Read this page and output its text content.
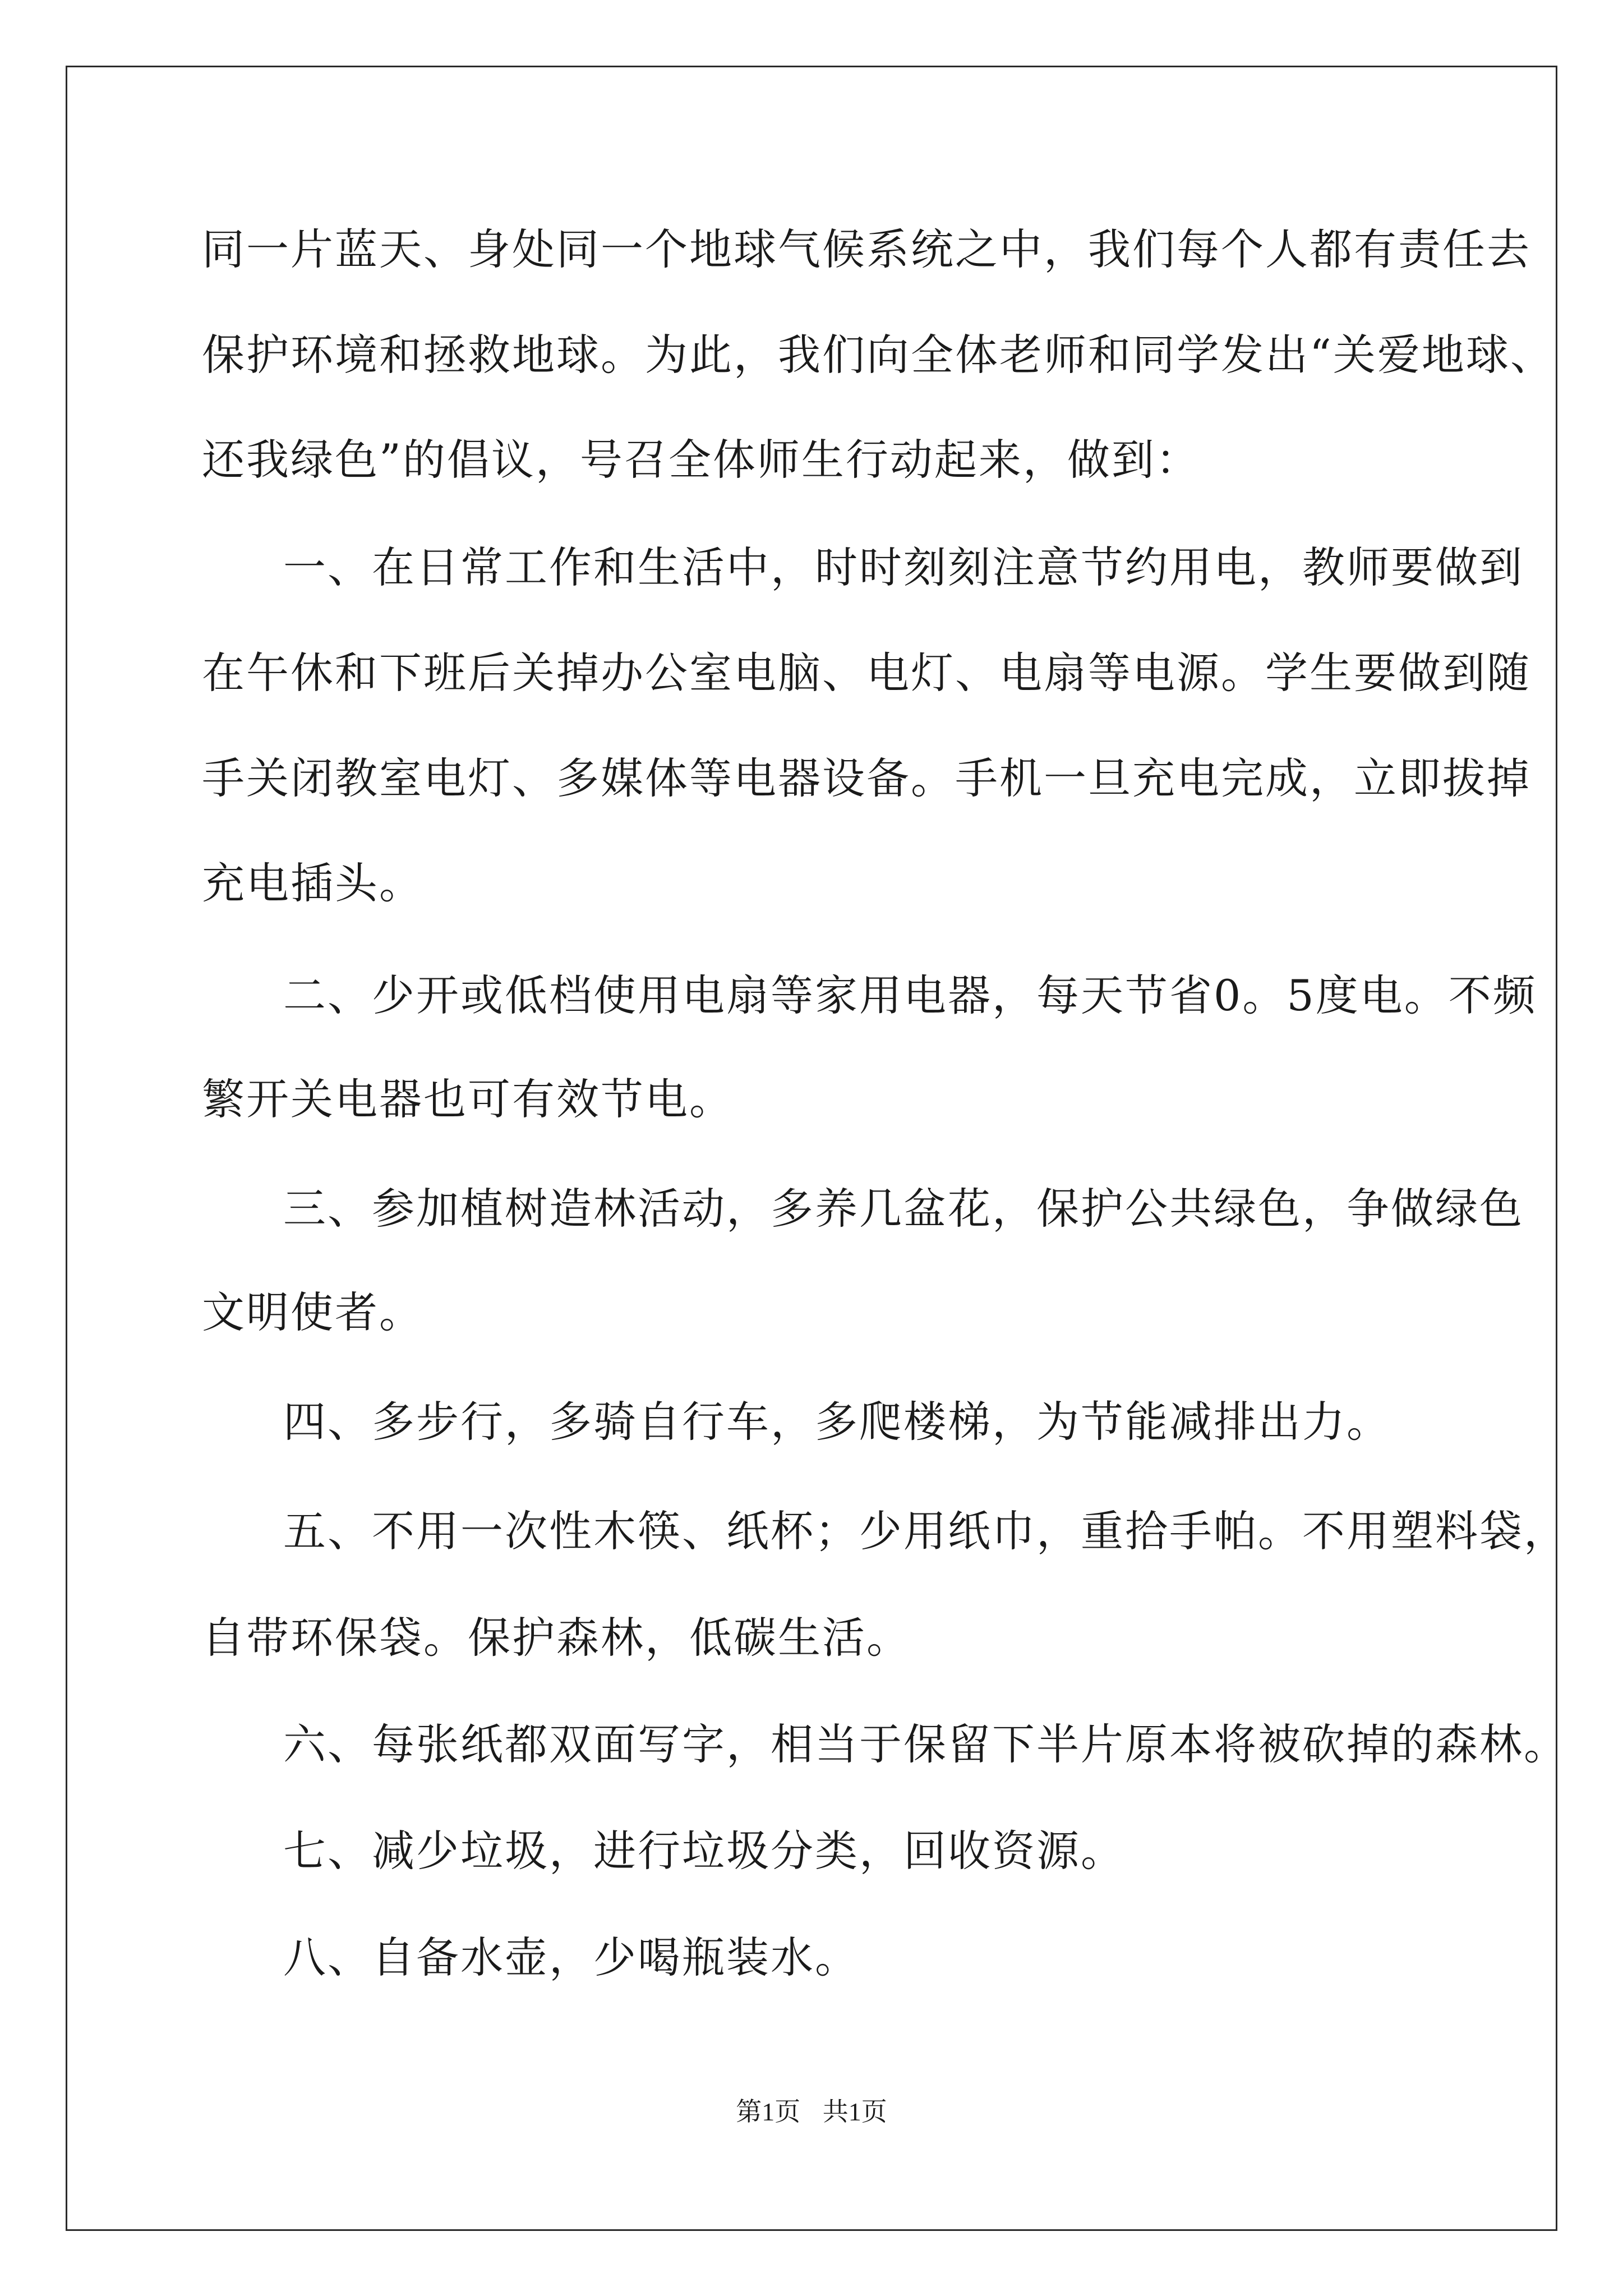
同一片蓝天、身处同一个地球气候系统之中，我们每个人都有责任去
保护环境和拯救地球。为此，我们向全体老师和同学发出“关爱地球、
还我绿色”的倡议，号召全体师生行动起来，做到：
一、在日常工作和生活中，时时刻刻注意节约用电，教师要做到
在午休和下班后关掉办公室电脑、电灯、电扇等电源。学生要做到随
手关闭教室电灯、多媒体等电器设备。手机一旦充电完成，立即拔掉
充电插头。
二、少开或低档使用电扇等家用电器，每天节省0。5度电。不频
繁开关电器也可有效节电。
三、参加植树造林活动，多养几盆花，保护公共绿色，争做绿色
文明使者。
四、多步行，多骑自行车，多爬楼梯，为节能减排出力。
五、不用一次性木筷、纸杯；少用纸巾，重拾手帕。不用塑料袋，
自带环保袋。保护森林，低碳生活。
六、每张纸都双面写字，相当于保留下半片原本将被砍掉的森林。
七、减少垃圾，进行垃圾分类，回收资源。
八、自备水壶，少喝瓶装水。
第1页 共1页
